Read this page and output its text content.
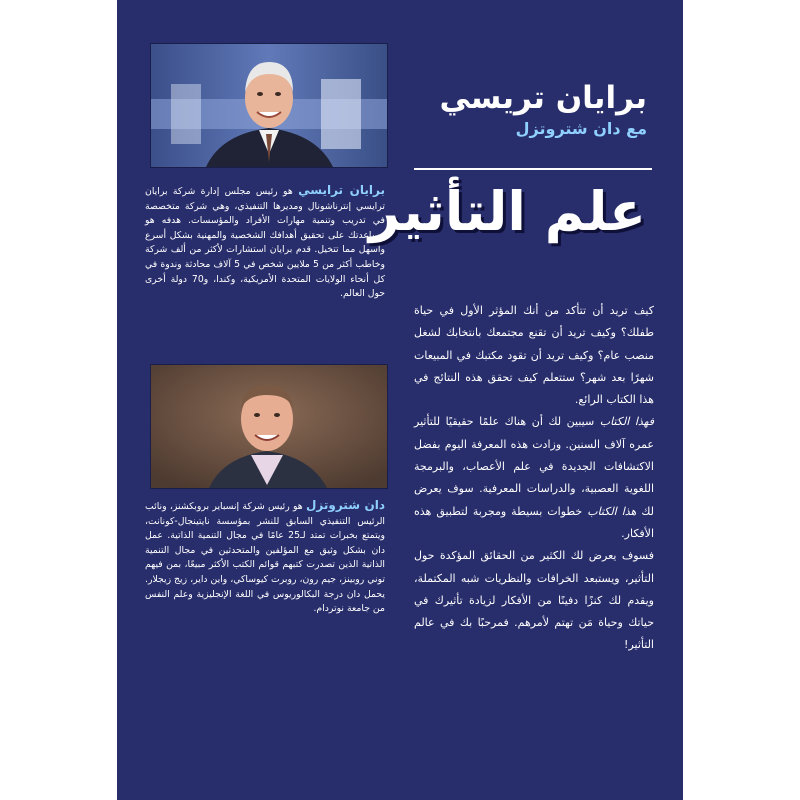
برايان ترايسي هو رئيس مجلس إدارة شركة برايان ترايسي إنترناشونال ومديرها التنفيذي، وهي شركة متخصصة في تدريب وتنمية مهارات الأفراد والمؤسسات. هدفه هو مساعدتك على تحقيق أهدافك الشخصية والمهنية بشكل أسرع وأسهل مما تتخيل. قدم برايان استشارات لأكثر من ألف شركة وخاطب أكثر من 5 ملايين شخص في 5 آلاف محادثة وندوة في كل أنحاء الولايات المتحدة الأمريكية، وكندا، و70 دولة أخرى حول العالم.

دان شتروتزل هو رئيس شركة إنسباير بروبكشنز، ونائب الرئيس التنفيذي السابق للنشر بمؤسسة نايتينجال-كونانت، ويتمتع بخبرات تمتد لـ25 عامًا في مجال التنمية الذاتية. عمل دان بشكل وثيق مع المؤلفين والمتحدثين في مجال التنمية الذاتية الذين تصدرت كتبهم قوائم الكتب الأكثر مبيعًا، بمن فيهم توني روبينز، جيم رون، روبرت كيوساكي، واين داير، زيج زيجلار. يحمل دان درجة البكالوريوس في اللغة الإنجليزية وعلم النفس من جامعة نوتردام.

برايان تريسي
مع دان شتروتزل
علم التأثير
كيف تريد أن تتأكد من أنك المؤثر الأول في حياة طفلك؟ وكيف تريد أن تقنع مجتمعك بانتخابك لشغل منصب عام؟ وكيف تريد أن تقود مكتبك في المبيعات شهرًا بعد شهر؟ ستتعلم كيف تحقق هذه النتائج في هذا الكتاب الرائع.
فهذا الكتاب سيبين لك أن هناك علمًا حقيقيًا للتأثير عمره آلاف السنين. وزادت هذه المعرفة اليوم بفضل الاكتشافات الجديدة في علم الأعصاب، والبرمجة اللغوية العصبية، والدراسات المعرفية. سوف يعرض لك هذا الكتاب خطوات بسيطة ومجربة لتطبيق هذه الأفكار.
فسوف يعرض لك الكثير من الحقائق المؤكدة حول التأثير، ويستبعد الخرافات والنظريات شبه المكتملة، ويقدم لك كنزًا دفينًا من الأفكار لزيادة تأثيرك في حياتك وحياة مَن تهتم لأمرهم. فمرحبًا بك في عالم التأثير!
